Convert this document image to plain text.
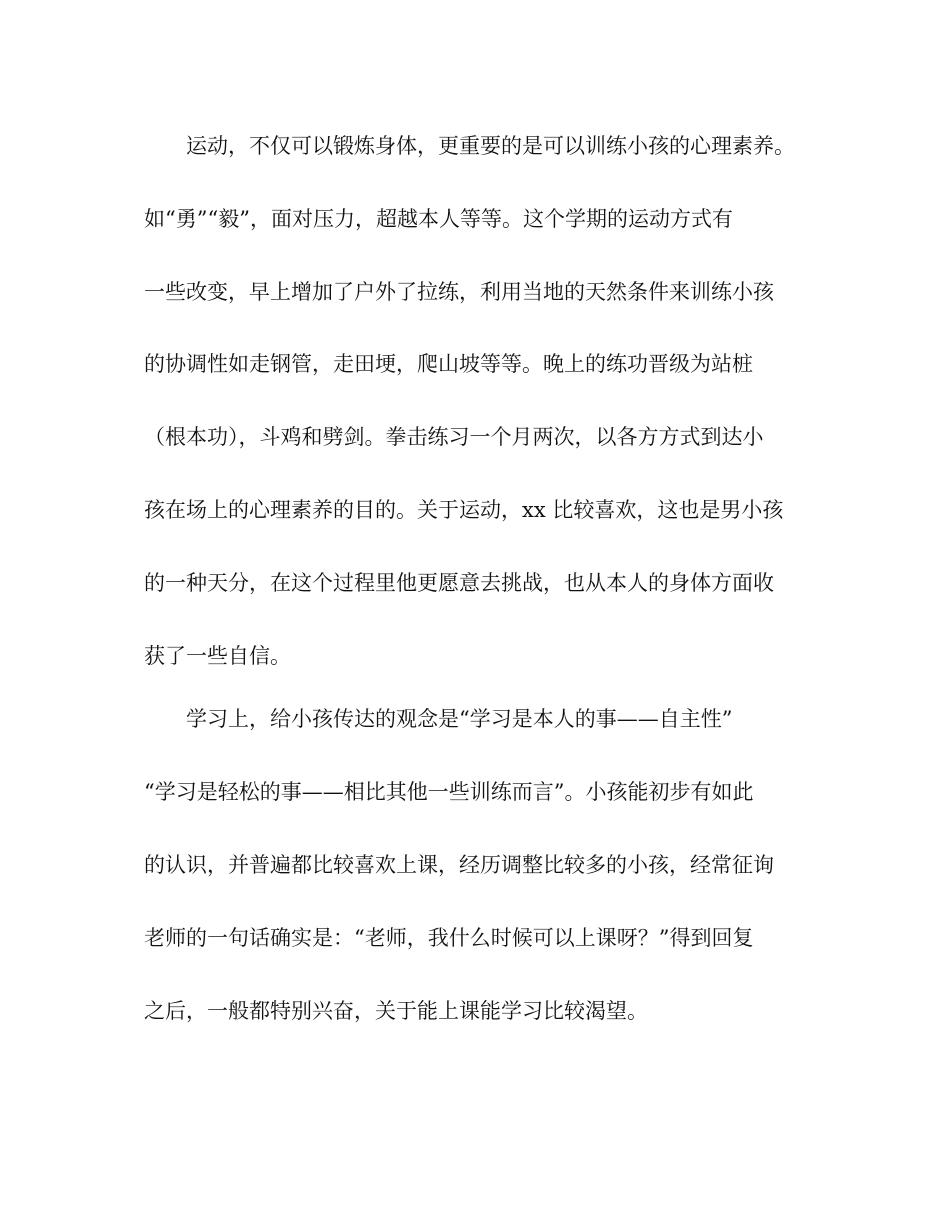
运动，不仅可以锻炼身体，更重要的是可以训练小孩的心理素养。
如“勇”“毅”，面对压力，超越本人等等。这个学期的运动方式有
一些改变，早上增加了户外了拉练，利用当地的天然条件来训练小孩
的协调性如走钢管，走田埂，爬山坡等等。晚上的练功晋级为站桩
（根本功），斗鸡和劈剑。拳击练习一个月两次，以各方方式到达小
孩在场上的心理素养的目的。关于运动，xx 比较喜欢，这也是男小孩
的一种天分，在这个过程里他更愿意去挑战，也从本人的身体方面收
获了一些自信。
学习上，给小孩传达的观念是“学习是本人的事——自主性”
“学习是轻松的事——相比其他一些训练而言”。小孩能初步有如此
的认识，并普遍都比较喜欢上课，经历调整比较多的小孩，经常征询
老师的一句话确实是：“老师，我什么时候可以上课呀？”得到回复
之后，一般都特别兴奋，关于能上课能学习比较渴望。
